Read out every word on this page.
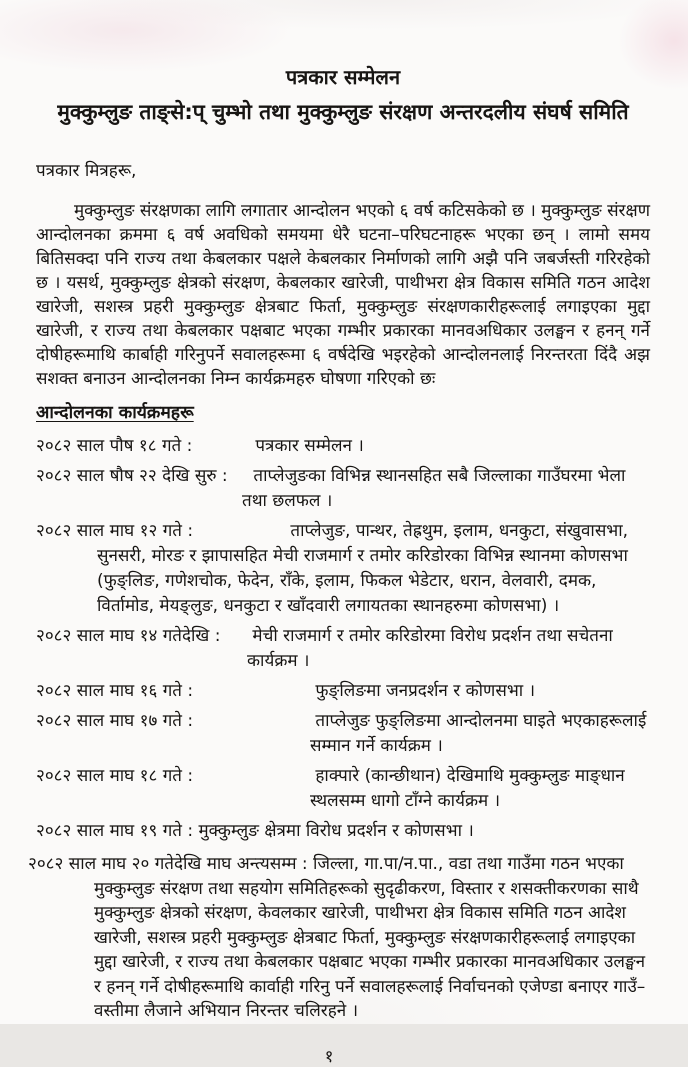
पत्रकार सम्मेलन
मुक्कुम्लुङ ताङ्से:प् चुम्भो तथा मुक्कुम्लुङ संरक्षण अन्तरदलीय संघर्ष समिति
पत्रकार मित्रहरू,
मुक्कुम्लुङ संरक्षणका लागि लगातार आन्दोलन भएको ६ वर्ष कटिसकेको छ । मुक्कुम्लुङ संरक्षण आन्दोलनका क्रममा ६ वर्ष अवधिको समयमा धेरै घटना–परिघटनाहरू भएका छन् । लामो समय बितिसक्दा पनि राज्य तथा केबलकार पक्षले केबलकार निर्माणको लागि अझै पनि जबर्जस्ती गरिरहेको छ । यसर्थ, मुक्कुम्लुङ क्षेत्रको संरक्षण, केबलकार खारेजी, पाथीभरा क्षेत्र विकास समिति गठन आदेश खारेजी, सशस्त्र प्रहरी मुक्कुम्लुङ क्षेत्रबाट फिर्ता, मुक्कुम्लुङ संरक्षणकारीहरूलाई लगाइएका मुद्दा खारेजी, र राज्य तथा केबलकार पक्षबाट भएका गम्भीर प्रकारका मानवअधिकार उलङ्घन र हनन् गर्ने दोषीहरूमाथि कार्बाही गरिनुपर्ने सवालहरूमा ६ वर्षदेखि भइरहेको आन्दोलनलाई निरन्तरता दिंदै अझ सशक्त बनाउन आन्दोलनका निम्न कार्यक्रमहरु घोषणा गरिएको छः
आन्दोलनका कार्यक्रमहरू
२०८२ साल पौष १८ गते :	पत्रकार सम्मेलन ।
२०८२ साल षौष २२ देखि सुरु : ताप्लेजुङका विभिन्न स्थानसहित सबै जिल्लाका गाउँघरमा भेला तथा छलफल ।
२०८२ साल माघ १२ गते :	ताप्लेजुङ, पान्थर, तेह्रथुम, इलाम, धनकुटा, संखुवासभा, सुनसरी, मोरङ र झापासहित मेची राजमार्ग र तमोर करिडोरका विभिन्न स्थानमा कोणसभा (फुङ्लिङ, गणेशचोक, फेदेन, राँके, इलाम, फिकल भेडेटार, धरान, वेलवारी, दमक, विर्तामोड, मेयङ्लुङ, धनकुटा र खाँदवारी लगायतका स्थानहरुमा कोणसभा) ।
२०८२ साल माघ १४ गतेदेखि : मेची राजमार्ग र तमोर करिडोरमा विरोध प्रदर्शन तथा सचेतना कार्यक्रम ।
२०८२ साल माघ १६ गते :	फुङ्लिङमा जनप्रदर्शन र कोणसभा ।
२०८२ साल माघ १७ गते :	ताप्लेजुङ फुङ्लिङमा आन्दोलनमा घाइते भएकाहरूलाई सम्मान गर्ने कार्यक्रम ।
२०८२ साल माघ १८ गते :	हाक्पारे (कान्छीथान) देखिमाथि मुक्कुम्लुङ माङ्धान स्थलसम्म धागो टाँग्ने कार्यक्रम ।
२०८२ साल माघ १९ गते : मुक्कुम्लुङ क्षेत्रमा विरोध प्रदर्शन र कोणसभा ।
२०८२ साल माघ २० गतेदेखि माघ अन्त्यसम्म : जिल्ला, गा.पा/न.पा., वडा तथा गाउँमा गठन भएका मुक्कुम्लुङ संरक्षण तथा सहयोग समितिहरूको सुदृढीकरण, विस्तार र शसक्तीकरणका साथै मुक्कुम्लुङ क्षेत्रको संरक्षण, केवलकार खारेजी, पाथीभरा क्षेत्र विकास समिति गठन आदेश खारेजी, सशस्त्र प्रहरी मुक्कुम्लुङ क्षेत्रबाट फिर्ता, मुक्कुम्लुङ संरक्षणकारीहरूलाई लगाइएका मुद्दा खारेजी, र राज्य तथा केबलकार पक्षबाट भएका गम्भीर प्रकारका मानवअधिकार उलङ्घन र हनन् गर्ने दोषीहरूमाथि कार्वाही गरिनु पर्ने सवालहरूलाई निर्वाचनको एजेण्डा बनाएर गाउँ–वस्तीमा लैजाने अभियान निरन्तर चलिरहने ।
१
